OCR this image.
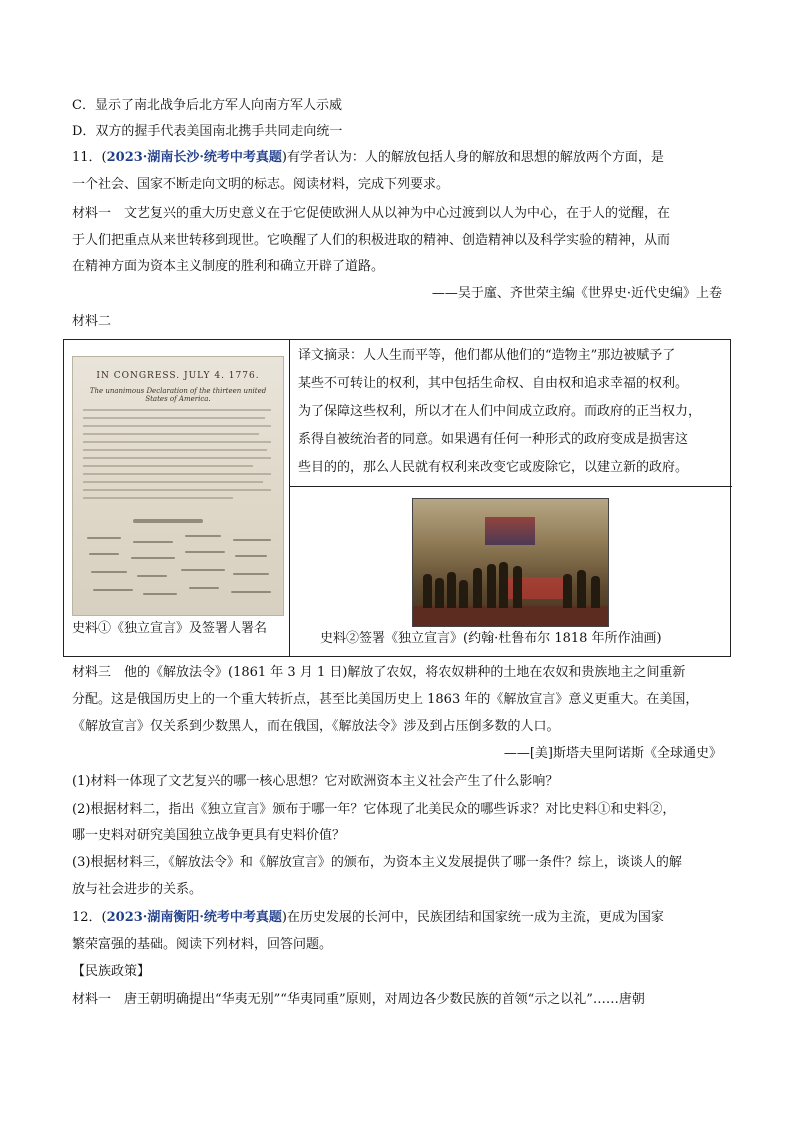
C．显示了南北战争后北方军人向南方军人示威
D．双方的握手代表美国南北携手共同走向统一
11．(2023·湖南长沙·统考中考真题)有学者认为：人的解放包括人身的解放和思想的解放两个方面，是
一个社会、国家不断走向文明的标志。阅读材料，完成下列要求。
材料一　文艺复兴的重大历史意义在于它促使欧洲人从以神为中心过渡到以人为中心，在于人的觉醒，在
于人们把重点从来世转移到现世。它唤醒了人们的积极进取的精神、创造精神以及科学实验的精神，从而
在精神方面为资本主义制度的胜利和确立开辟了道路。
——吴于廑、齐世荣主编《世界史·近代史编》上卷
材料二
IN CONGRESS. JULY 4. 1776.
The unanimous Declaration of the thirteen united States of America.
史料①《独立宣言》及签署人署名
译文摘录：人人生而平等，他们都从他们的“造物主”那边被赋予了
某些不可转让的权利，其中包括生命权、自由权和追求幸福的权利。
为了保障这些权利，所以才在人们中间成立政府。而政府的正当权力，
系得自被统治者的同意。如果遇有任何一种形式的政府变成是损害这
些目的的，那么人民就有权利来改变它或废除它，以建立新的政府。
史料②签署《独立宣言》(约翰·杜鲁布尔 1818 年所作油画)
材料三　他的《解放法令》(1861 年 3 月 1 日)解放了农奴，将农奴耕种的土地在农奴和贵族地主之间重新
分配。这是俄国历史上的一个重大转折点，甚至比美国历史上 1863 年的《解放宣言》意义更重大。在美国，
《解放宣言》仅关系到少数黑人，而在俄国，《解放法令》涉及到占压倒多数的人口。
——[美]斯塔夫里阿诺斯《全球通史》
(1)材料一体现了文艺复兴的哪一核心思想？它对欧洲资本主义社会产生了什么影响？
(2)根据材料二，指出《独立宣言》颁布于哪一年？它体现了北美民众的哪些诉求？对比史料①和史料②，
哪一史料对研究美国独立战争更具有史料价值？
(3)根据材料三，《解放法令》和《解放宣言》的颁布，为资本主义发展提供了哪一条件？综上，谈谈人的解
放与社会进步的关系。
12．(2023·湖南衡阳·统考中考真题)在历史发展的长河中，民族团结和国家统一成为主流，更成为国家
繁荣富强的基础。阅读下列材料，回答问题。
【民族政策】
材料一　唐王朝明确提出“华夷无别”“华夷同重”原则，对周边各少数民族的首领“示之以礼”……唐朝
